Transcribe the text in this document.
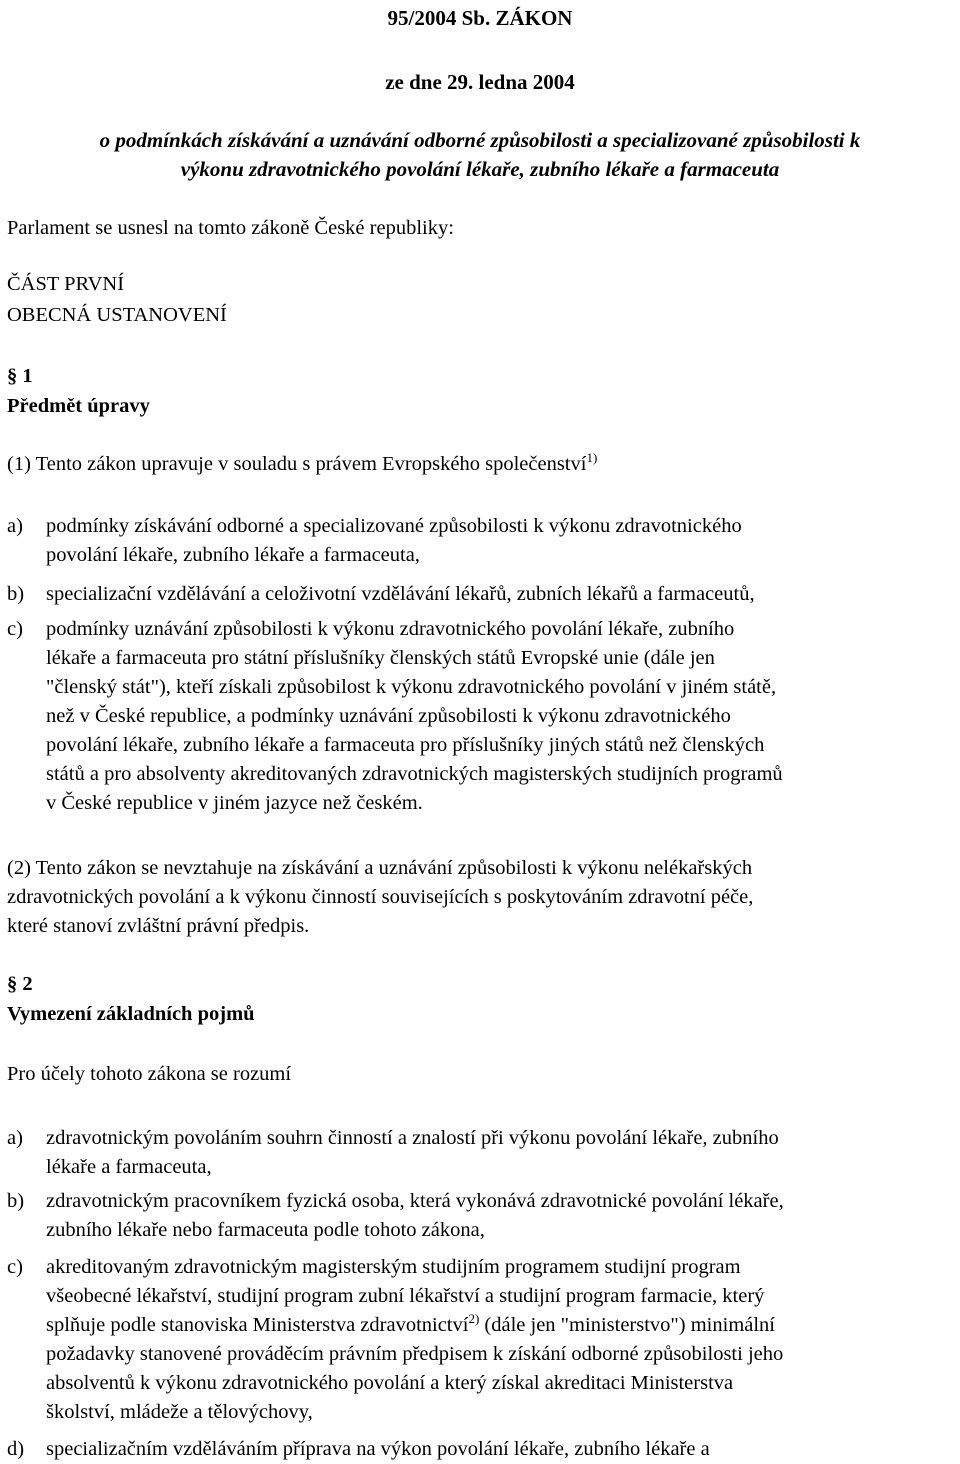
95/2004 Sb. ZÁKON
ze dne 29. ledna 2004
o podmínkách získávání a uznávání odborné způsobilosti a specializované způsobilosti k
výkonu zdravotnického povolání lékaře, zubního lékaře a farmaceuta
Parlament se usnesl na tomto zákoně České republiky:
ČÁST PRVNÍ
OBECNÁ USTANOVENÍ
§ 1
Předmět úpravy
(1) Tento zákon upravuje v souladu s právem Evropského společenství$^{1)}$
a)	podmínky získávání odborné a specializované způsobilosti k výkonu zdravotnického
povolání lékaře, zubního lékaře a farmaceuta,
b)	specializační vzdělávání a celoživotní vzdělávání lékařů, zubních lékařů a farmaceutů,
c)	podmínky uznávání způsobilosti k výkonu zdravotnického povolání lékaře, zubního
lékaře a farmaceuta pro státní příslušníky členských států Evropské unie (dále jen
"členský stát"), kteří získali způsobilost k výkonu zdravotnického povolání v jiném státě,
než v České republice, a podmínky uznávání způsobilosti k výkonu zdravotnického
povolání lékaře, zubního lékaře a farmaceuta pro příslušníky jiných států než členských
států a pro absolventy akreditovaných zdravotnických magisterských studijních programů
v České republice v jiném jazyce než českém.
(2) Tento zákon se nevztahuje na získávání a uznávání způsobilosti k výkonu nelékařských
zdravotnických povolání a k výkonu činností souvisejících s poskytováním zdravotní péče,
které stanoví zvláštní právní předpis.
§ 2
Vymezení základních pojmů
Pro účely tohoto zákona se rozumí
a)	zdravotnickým povoláním souhrn činností a znalostí při výkonu povolání lékaře, zubního
lékaře a farmaceuta,
b)	zdravotnickým pracovníkem fyzická osoba, která vykonává zdravotnické povolání lékaře,
zubního lékaře nebo farmaceuta podle tohoto zákona,
c)	akreditovaným zdravotnickým magisterským studijním programem studijní program
všeobecné lékařství, studijní program zubní lékařství a studijní program farmacie, který
splňuje podle stanoviska Ministerstva zdravotnictví$^{2)}$ (dále jen "ministerstvo") minimální
požadavky stanovené prováděcím právním předpisem k získání odborné způsobilosti jeho
absolventů k výkonu zdravotnického povolání a který získal akreditaci Ministerstva
školství, mládeže a tělovýchovy,
d)	specializačním vzděláváním příprava na výkon povolání lékaře, zubního lékaře a
